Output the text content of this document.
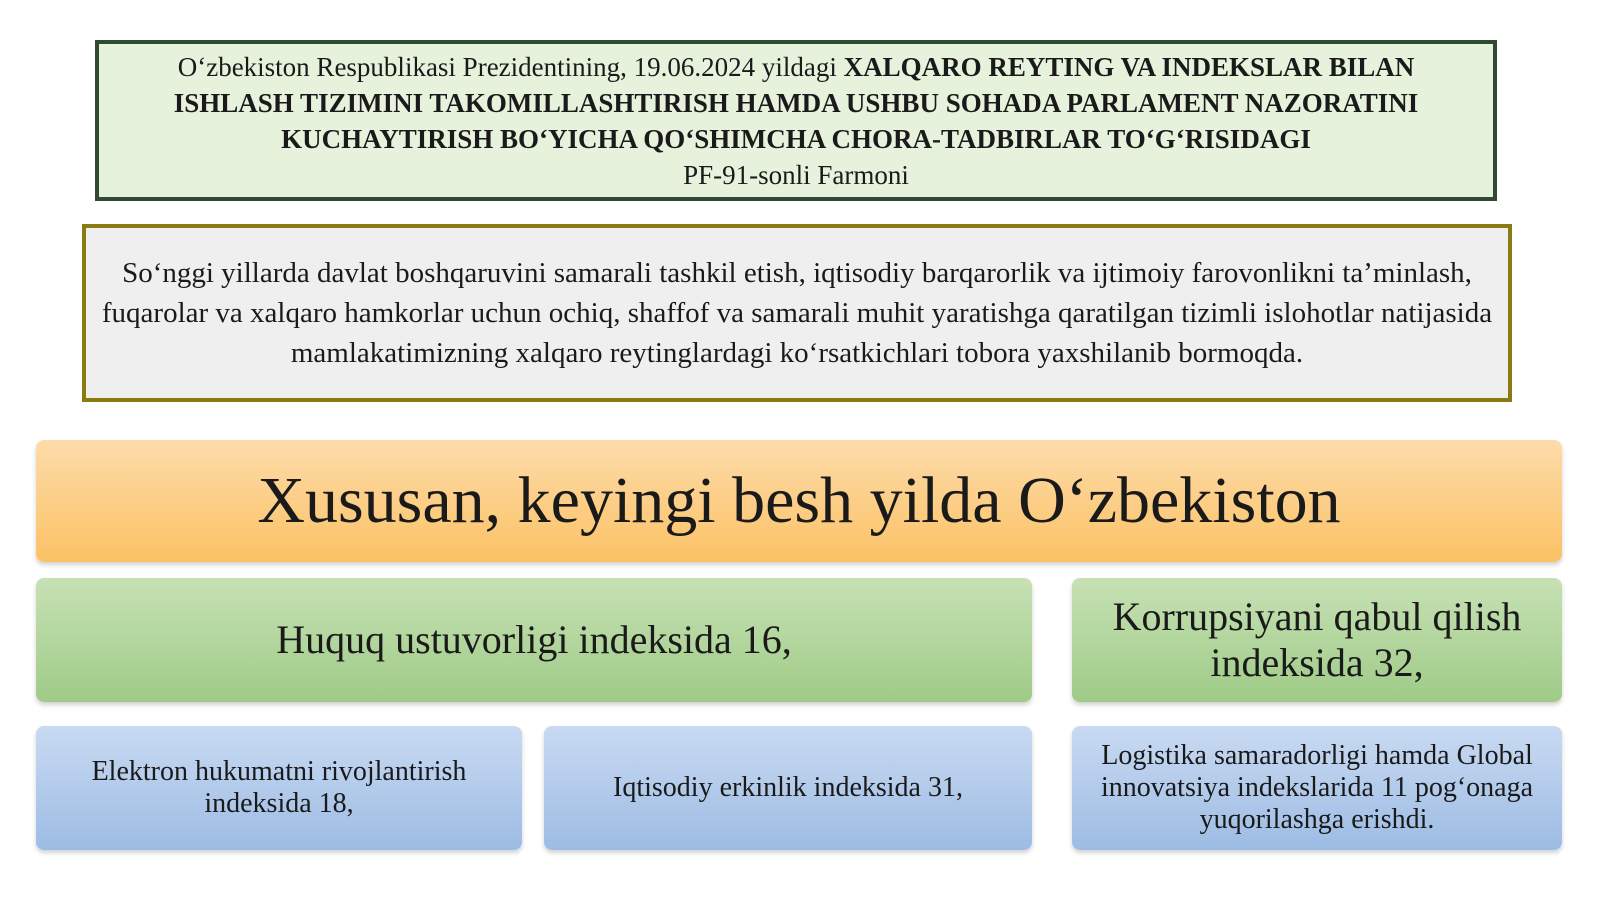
O‘zbekiston Respublikasi Prezidentining, 19.06.2024 yildagi XALQARO REYTING VA INDEKSLAR BILAN ISHLASH TIZIMINI TAKOMILLASHTIRISH HAMDA USHBU SOHADA PARLAMENT NAZORATINI KUCHAYTIRISH BO‘YICHA QO‘SHIMCHA CHORA-TADBIRLAR TO‘G‘RISIDAGI
PF-91-sonli Farmoni
So‘nggi yillarda davlat boshqaruvini samarali tashkil etish, iqtisodiy barqarorlik va ijtimoiy farovonlikni ta’minlash, fuqarolar va xalqaro hamkorlar uchun ochiq, shaffof va samarali muhit yaratishga qaratilgan tizimli islohotlar natijasida mamlakatimizning xalqaro reytinglardagi ko‘rsatkichlari tobora yaxshilanib bormoqda.
Xususan, keyingi besh yilda O‘zbekiston
Huquq ustuvorligi indeksida 16,
Korrupsiyani qabul qilish indeksida 32,
Elektron hukumatni rivojlantirish indeksida 18,
Iqtisodiy erkinlik indeksida 31,
Logistika samaradorligi hamda Global innovatsiya indekslarida 11 pog‘onaga yuqorilashga erishdi.
